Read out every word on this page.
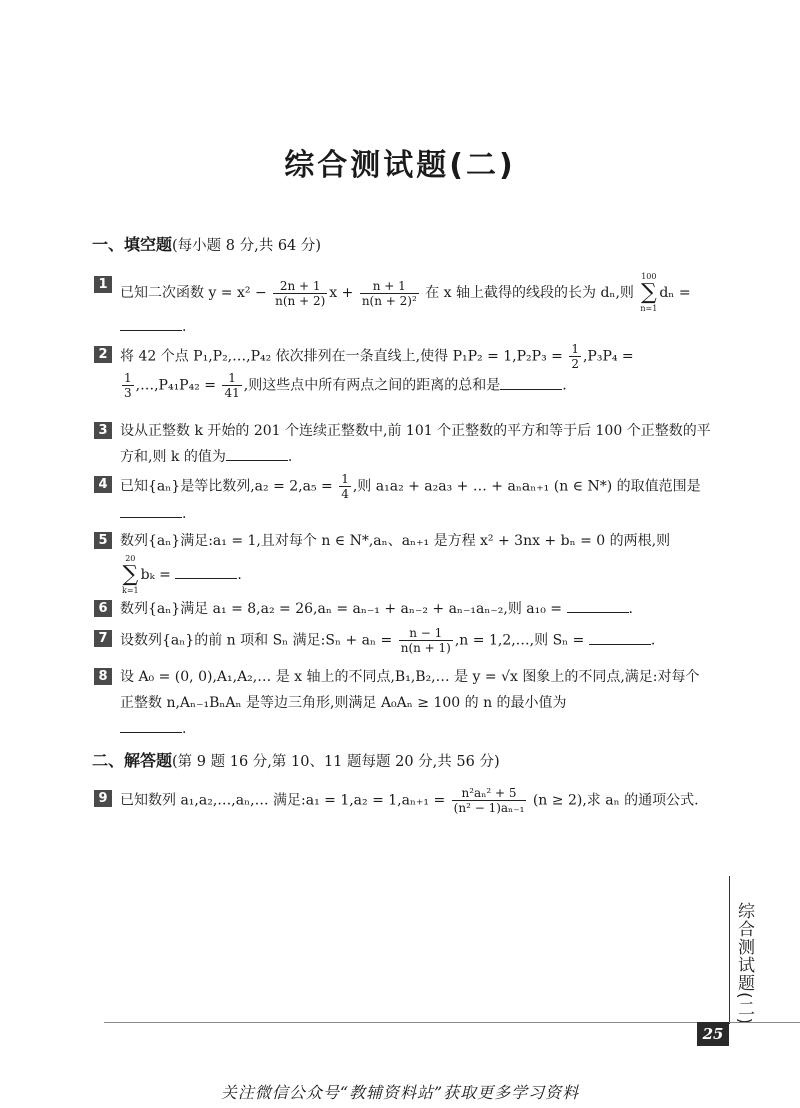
综合测试题(二)
一、填空题(每小题 8 分,共 64 分)
1
已知二次函数 $y = x^2 - \frac{2n + 1}{n(n + 2)}$ $x + \frac{n + 1}{\text{n(n + 2)²}}$ 在 x 轴上截得的线段的长为 dₙ,则
100
∑
n=1
dₙ =
.
2 将 42 个点 P₁,P₂,…,P₄₂ 依次排列在一条直线上,使得 $P_1P_2 = 1,P_2P_3 = \frac{1}{2} ,P_3P_4$ =

$\frac{1}{3}$ ,…,P₄₁P₄₂ = $\frac{1}{41}$ ,则这些点中所有两点之间的距离的总和是	.
3 设从正整数 k 开始的 201 个连续正整数中,前 101 个正整数的平方和等于后 100 个正整数的平方和,则 k 的值为	.
4 已知{aₙ}是等比数列$,a_2 = 2,a_5 = \frac{1}{4}$ ,则 a₁a₂ + a₂a₃ + … + aₙaₙ₊₁ (n ∈ N*) 的取值范围是.
5 数列{aₙ}满足:a₁ = 1,且对每个 n ∈ N*,aₙ、aₙ₊₁ 是方程 x² + 3nx + bₙ = 0 的两根,则

20
∑
k=1
bₖ =	.
6 数列{aₙ}满足 a₁ = 8,a₂ = 26,aₙ = aₙ₋₁ + aₙ₋₂ + aₙ₋₁aₙ₋₂,则 a₁₀ =	.
7 设数列{aₙ}的前 n 项和 Sₙ 满足:Sₙ + $a_n = \frac{n - 1}{n(n + 1)} ,n$ = 1,2,…,则 Sₙ =	.
8 设 A₀ = (0, 0),A₁,A₂,… 是 x 轴上的不同点,B₁,B₂,… 是 y = √x 图象上的不同点,满足:对每个正整数 n,Aₙ₋₁BₙAₙ 是等边三角形,则满足 A₀Aₙ ≥ 100 的 n 的最小值为
.
二、解答题(第 9 题 16 分,第 10、11 题每题 20 分,共 56 分)
9 已知数列 a₁,a₂,…,aₙ,… 满足:a₁ = $1,a_2 = 1,a_{n+1} = \frac{\text{n²aₙ² + 5}}{\text{(n² − 1)aₙ₋₁}} (n \ge 2)$,求 aₙ 的通项公式.
综合测试题(二)
25
关注微信公众号“教辅资料站”获取更多学习资料
